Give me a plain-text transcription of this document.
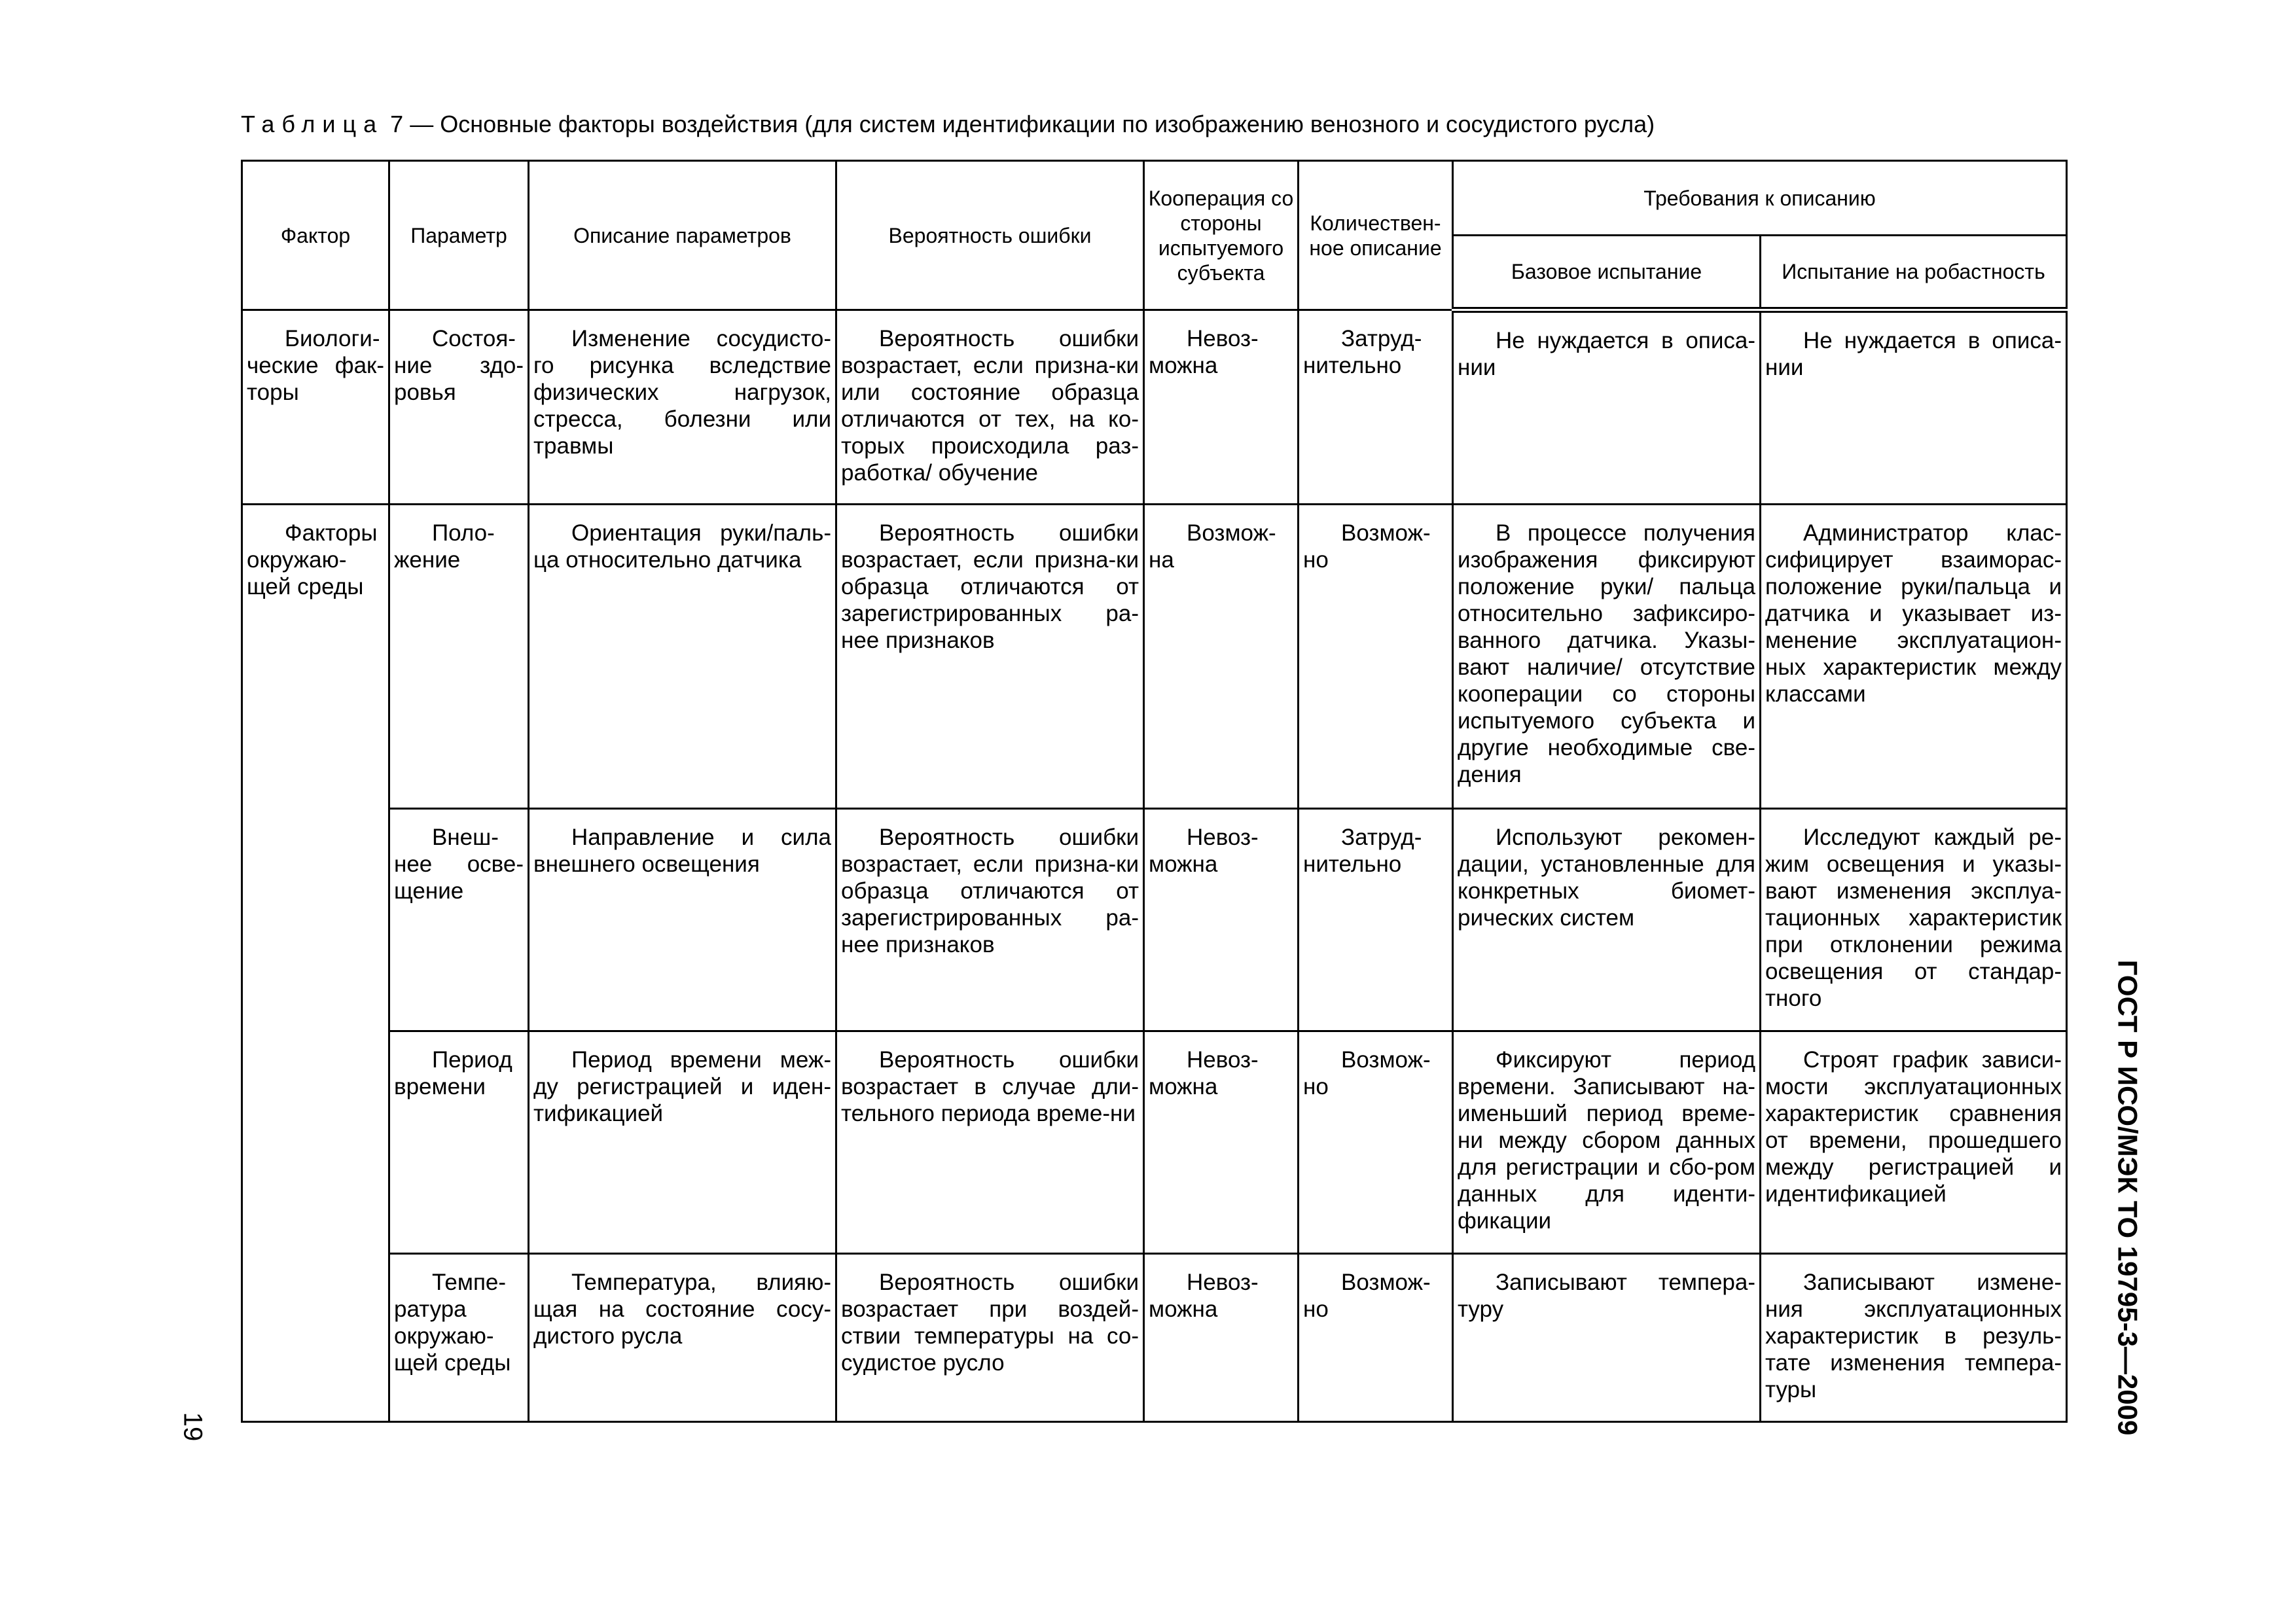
Таблица 7 — Основные факторы воздействия (для систем идентификации по изображению венозного и сосудистого русла)
Фактор	Параметр	Описание параметров	Вероятность ошибки	Кооперация со стороны испытуемого субъекта	Количествен-ное описание	Требования к описанию	
						Базовое испытание	Испытание на робастность

Биологи-ческие фак-торы	Состоя-ние здо-ровья	Изменение сосудисто-го рисунка вследствие физических нагрузок, стресса, болезни или травмы	Вероятность ошибки возрастает, если призна-ки или состояние образца отличаются от тех, на ко-торых происходила раз-работка/ обучение	Невоз-можна	Затруд-нительно	Не нуждается в описа-нии	Не нуждается в описа-нии

Факторы окружаю-щей среды	Поло-жение	Ориентация руки/паль-ца относительно датчика	Вероятность ошибки возрастает, если призна-ки образца отличаются от зарегистрированных ра-нее признаков	Возмож-на	Возмож-но	В процессе получения изображения фиксируют положение руки/ пальца относительно зафиксиро-ванного датчика. Указы-вают наличие/ отсутствие кооперации со стороны испытуемого субъекта и другие необходимые све-дения	Администратор клас-сифицирует взаиморас-положение руки/пальца и датчика и указывает из-менение эксплуатацион-ных характеристик между классами

	Внеш-нее осве-щение	Направление и сила внешнего освещения	Вероятность ошибки возрастает, если призна-ки образца отличаются от зарегистрированных ра-нее признаков	Невоз-можна	Затруд-нительно	Используют рекомен-дации, установленные для конкретных биомет-рических систем	Исследуют каждый ре-жим освещения и указы-вают изменения эксплуа-тационных характеристик при отклонении режима освещения от стандар-тного

	Период времени	Период времени меж-ду регистрацией и иден-тификацией	Вероятность ошибки возрастает в случае дли-тельного периода време-ни	Невоз-можна	Возмож-но	Фиксируют период времени. Записывают на-именьший период време-ни между сбором данных для регистрации и сбо-ром данных для иденти-фикации	Строят график зависи-мости эксплуатационных характеристик сравнения от времени, прошедшего между регистрацией и идентификацией

	Темпе-ратура окружаю-щей среды	Температура, влияю-щая на состояние сосу-дистого русла	Вероятность ошибки возрастает при воздей-ствии температуры на со-судистое русло	Невоз-можна	Возмож-но	Записывают темпера-туру	Записывают измене-ния эксплуатационных характеристик в резуль-тате изменения темпера-туры	ГОСТ Р ИСО/МЭК ТО 19795-3—2009
19
